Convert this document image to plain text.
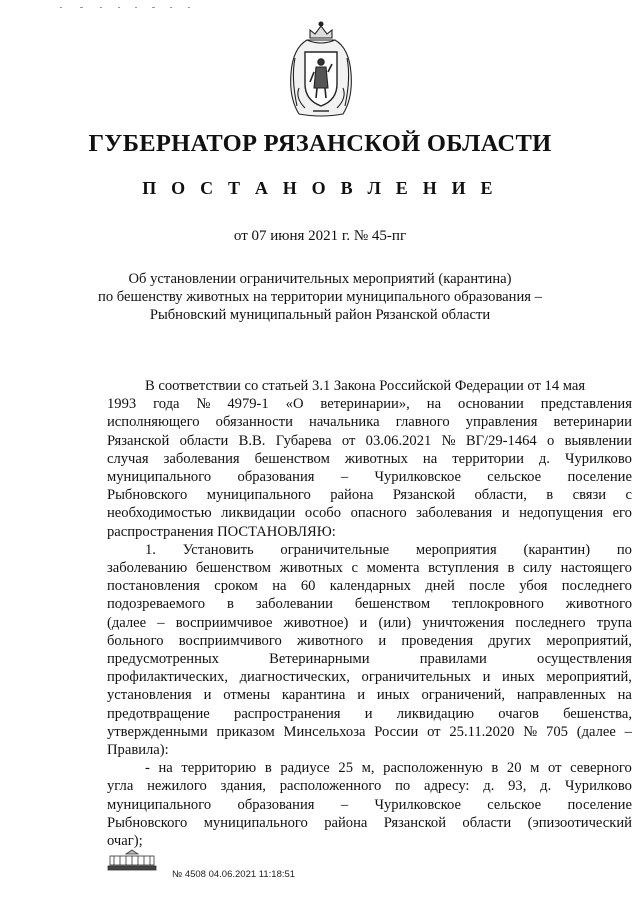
ГУБЕРНАТОР РЯЗАНСКОЙ ОБЛАСТИ
П О С Т А Н О В Л Е Н И Е
от 07 июня 2021 г. № 45-пг
Об установлении ограничительных мероприятий (карантина)
по бешенству животных на территории муниципального образования –
Рыбновский муниципальный район Рязанской области
В соответствии со статьей 3.1 Закона Российской Федерации от 14 мая
1993 года № 4979-1 «О ветеринарии», на основании представления
исполняющего обязанности начальника главного управления ветеринарии
Рязанской области В.В. Губарева от 03.06.2021 № ВГ/29-1464 о выявлении
случая заболевания бешенством животных на территории д. Чурилково
муниципального образования – Чурилковское сельское поселение
Рыбновского муниципального района Рязанской области, в связи с
необходимостью ликвидации особо опасного заболевания и недопущения его
распространения ПОСТАНОВЛЯЮ:
1. Установить ограничительные мероприятия (карантин) по
заболеванию бешенством животных с момента вступления в силу настоящего
постановления сроком на 60 календарных дней после убоя последнего
подозреваемого в заболевании бешенством теплокровного животного
(далее – восприимчивое животное) и (или) уничтожения последнего трупа
больного восприимчивого животного и проведения других мероприятий,
предусмотренных	Ветеринарными	правилами	осуществления
профилактических, диагностических, ограничительных и иных мероприятий,
установления и отмены карантина и иных ограничений, направленных на
предотвращение распространения и ликвидацию очагов бешенства,
утвержденными приказом Минсельхоза России от 25.11.2020 № 705 (далее –
Правила):
- на территорию в радиусе 25 м, расположенную в 20 м от северного
угла нежилого здания, расположенного по адресу: д. 93, д. Чурилково
муниципального образования – Чурилковское сельское поселение
Рыбновского муниципального района Рязанской области (эпизоотический
очаг);
№ 4508 04.06.2021 11:18:51
